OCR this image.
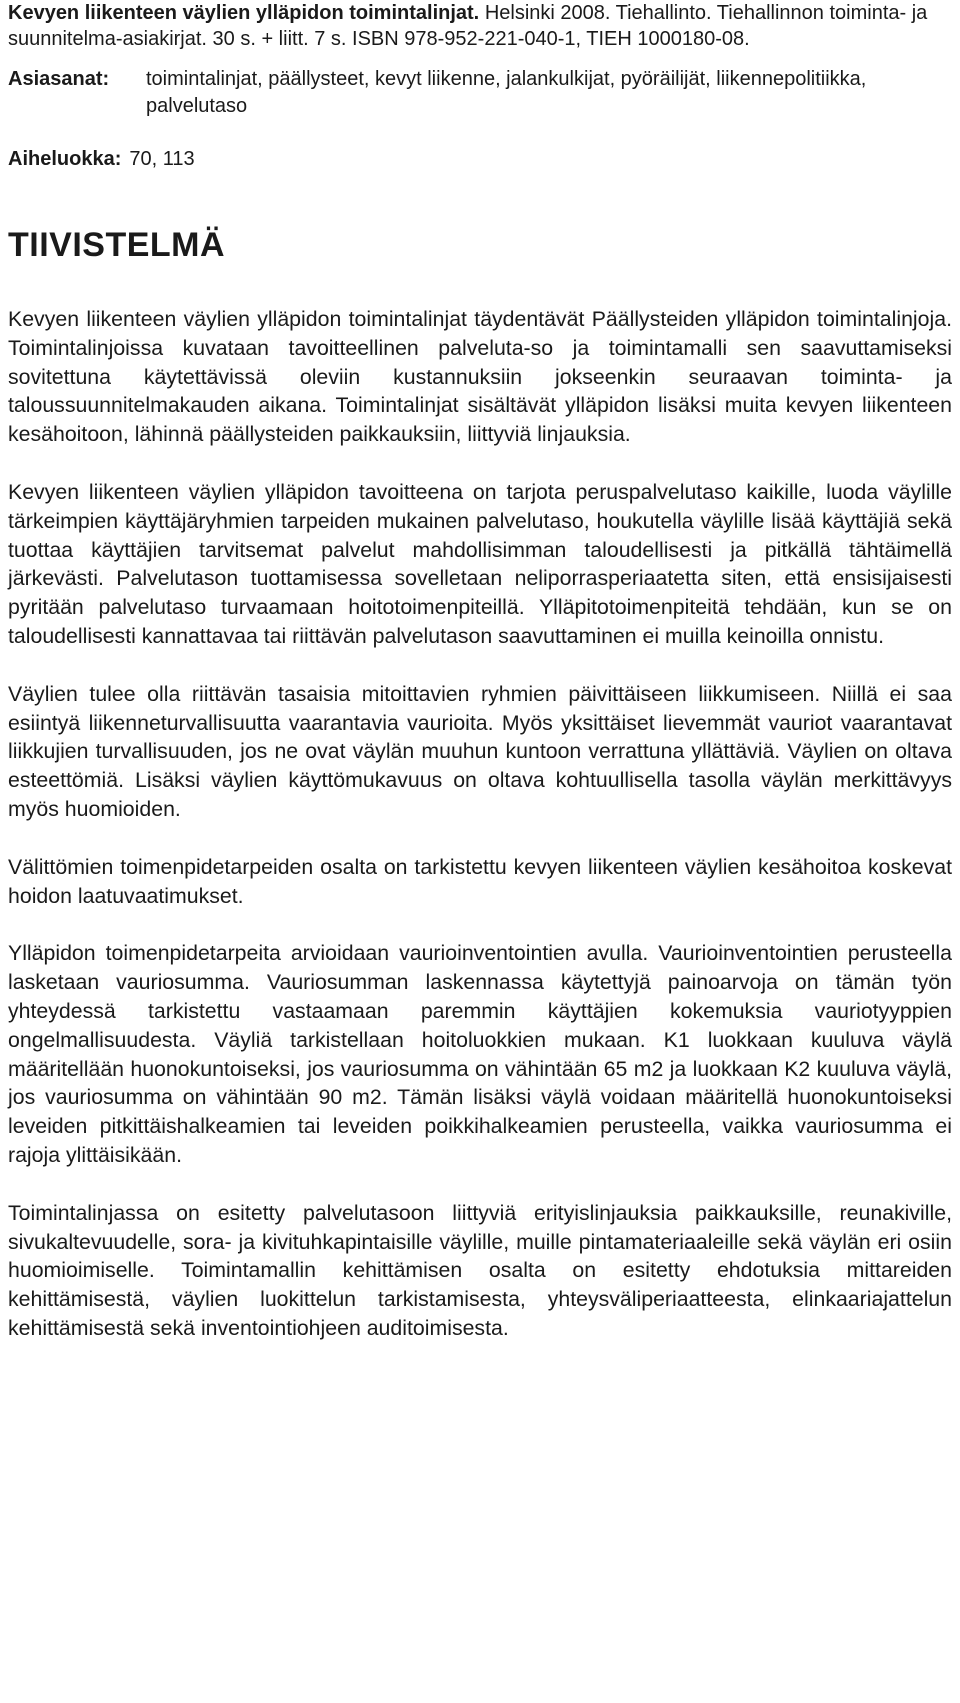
Kevyen liikenteen väylien ylläpidon toimintalinjat. Helsinki 2008. Tiehallinto. Tiehallinnon toiminta- ja suunnitelma-asiakirjat. 30 s. + liitt. 7 s. ISBN 978-952-221-040-1, TIEH 1000180-08.

Asiasanat:	toimintalinjat, päällysteet, kevyt liikenne, jalankulkijat, pyöräilijät, liikennepolitiikka, palvelutaso
Aiheluokka: 70, 113
TIIVISTELMÄ

Kevyen liikenteen väylien ylläpidon toimintalinjat täydentävät Päällysteiden ylläpidon toimintalinjoja. Toimintalinjoissa kuvataan tavoitteellinen palveluta-so ja toimintamalli sen saavuttamiseksi sovitettuna käytettävissä oleviin kustannuksiin jokseenkin seuraavan toiminta- ja taloussuunnitelmakauden aikana. Toimintalinjat sisältävät ylläpidon lisäksi muita kevyen liikenteen kesähoitoon, lähinnä päällysteiden paikkauksiin, liittyviä linjauksia.

Kevyen liikenteen väylien ylläpidon tavoitteena on tarjota peruspalvelutaso kaikille, luoda väylille tärkeimpien käyttäjäryhmien tarpeiden mukainen palvelutaso, houkutella väylille lisää käyttäjiä sekä tuottaa käyttäjien tarvitsemat palvelut mahdollisimman taloudellisesti ja pitkällä tähtäimellä järkevästi. Palvelutason tuottamisessa sovelletaan neliporrasperiaatetta siten, että ensisijaisesti pyritään palvelutaso turvaamaan hoitotoimenpiteillä. Ylläpitotoimenpiteitä tehdään, kun se on taloudellisesti kannattavaa tai riittävän palvelutason saavuttaminen ei muilla keinoilla onnistu.

Väylien tulee olla riittävän tasaisia mitoittavien ryhmien päivittäiseen liikkumiseen. Niillä ei saa esiintyä liikenneturvallisuutta vaarantavia vaurioita. Myös yksittäiset lievemmät vauriot vaarantavat liikkujien turvallisuuden, jos ne ovat väylän muuhun kuntoon verrattuna yllättäviä. Väylien on oltava esteettömiä. Lisäksi väylien käyttömukavuus on oltava kohtuullisella tasolla väylän merkittävyys myös huomioiden.

Välittömien toimenpidetarpeiden osalta on tarkistettu kevyen liikenteen väylien kesähoitoa koskevat hoidon laatuvaatimukset.

Ylläpidon toimenpidetarpeita arvioidaan vaurioinventointien avulla. Vaurioinventointien perusteella lasketaan vauriosumma. Vauriosumman laskennassa käytettyjä painoarvoja on tämän työn yhteydessä tarkistettu vastaamaan paremmin käyttäjien kokemuksia vauriotyyppien ongelmallisuudesta. Väyliä tarkistellaan hoitoluokkien mukaan. K1 luokkaan kuuluva väylä määritellään huonokuntoiseksi, jos vauriosumma on vähintään 65 m2 ja luokkaan K2 kuuluva väylä, jos vauriosumma on vähintään 90 m2. Tämän lisäksi väylä voidaan määritellä huonokuntoiseksi leveiden pitkittäishalkeamien tai leveiden poikkihalkeamien perusteella, vaikka vauriosumma ei rajoja ylittäisikään.

Toimintalinjassa on esitetty palvelutasoon liittyviä erityislinjauksia paikkauksille, reunakiville, sivukaltevuudelle, sora- ja kivituhkapintaisille väylille, muille pintamateriaaleille sekä väylän eri osiin huomioimiselle. Toimintamallin kehittämisen osalta on esitetty ehdotuksia mittareiden kehittämisestä, väylien luokittelun tarkistamisesta, yhteysväliperiaatteesta, elinkaariajattelun kehittämisestä sekä inventointiohjeen auditoimisesta.
